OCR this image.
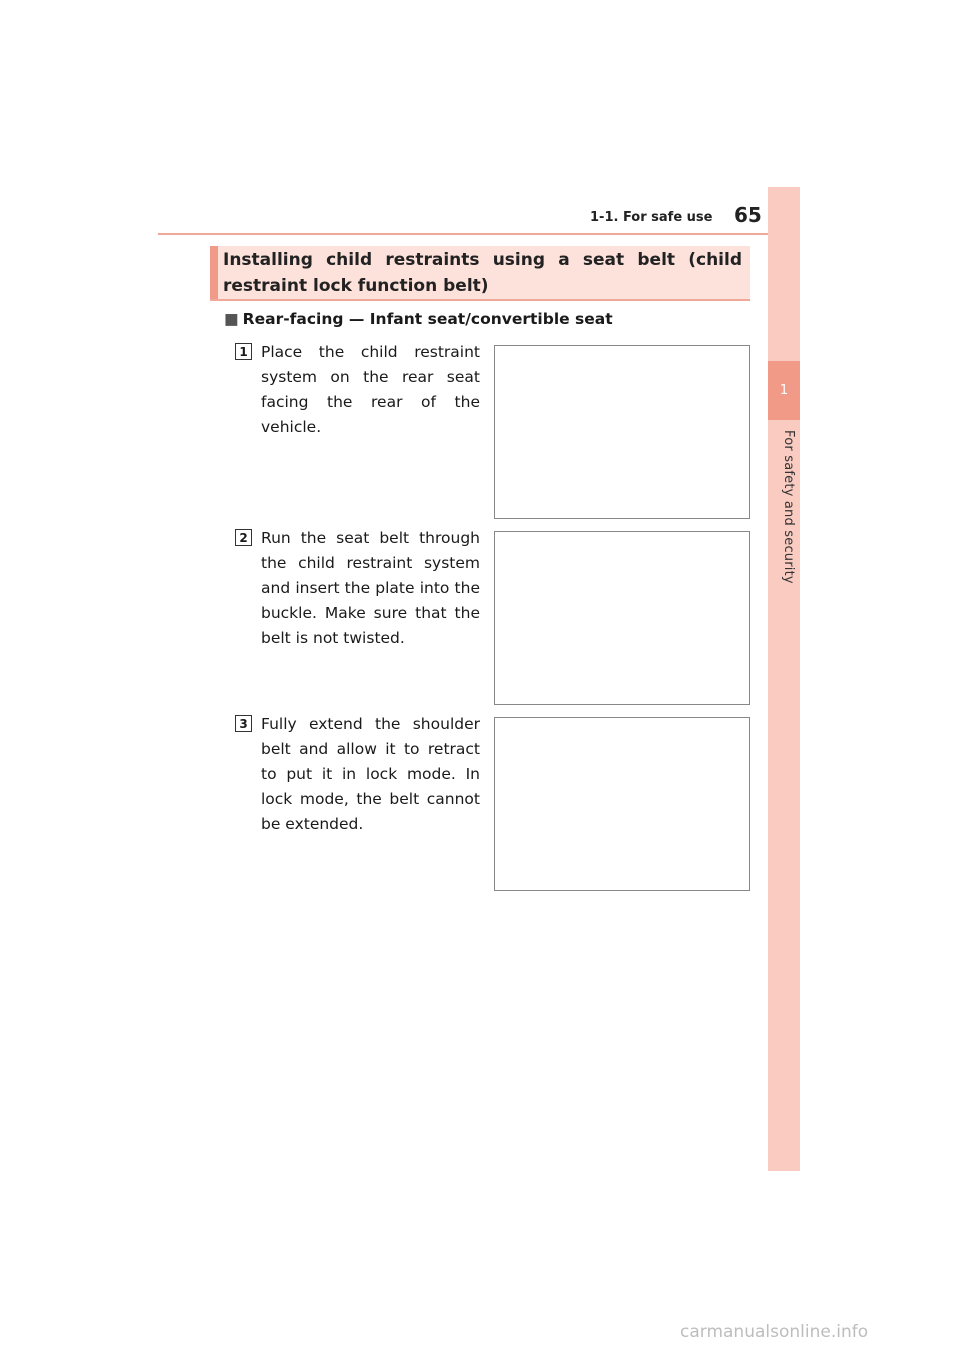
1-1. For safe use 65
1
For safety and security
Installing child restraints using a seat belt (child restraint lock function belt)
■ Rear-facing — Infant seat/convertible seat
1 Place the child restraint system on the rear seat facing the rear of the vehicle.
2 Run the seat belt through the child restraint system and insert the plate into the buckle. Make sure that the belt is not twisted.
3 Fully extend the shoulder belt and allow it to retract to put it in lock mode. In lock mode, the belt cannot be extended.
carmanualsonline.info
